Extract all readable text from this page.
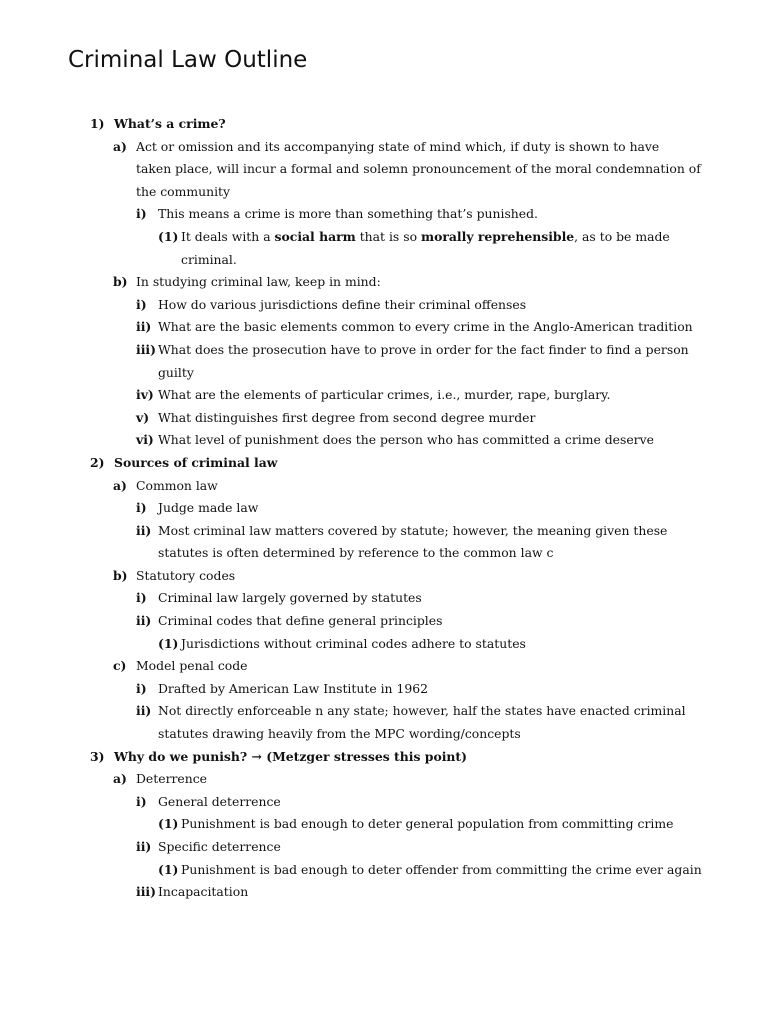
Criminal Law Outline
1) What’s a crime?

a) Act or omission and its accompanying state of mind which, if duty is shown to have

taken place, will incur a formal and solemn pronouncement of the moral condemnation of

the community

i) This means a crime is more than something that’s punished.

(1) It deals with a social harm that is so morally reprehensible, as to be made

criminal.

b) In studying criminal law, keep in mind:

i) How do various jurisdictions define their criminal offenses

ii) What are the basic elements common to every crime in the Anglo-American tradition

iii) What does the prosecution have to prove in order for the fact finder to find a person

guilty

iv) What are the elements of particular crimes, i.e., murder, rape, burglary.

v) What distinguishes first degree from second degree murder

vi) What level of punishment does the person who has committed a crime deserve

2) Sources of criminal law

a) Common law

i) Judge made law

ii) Most criminal law matters covered by statute; however, the meaning given these

statutes is often determined by reference to the common law c

b) Statutory codes

i) Criminal law largely governed by statutes

ii) Criminal codes that define general principles

(1) Jurisdictions without criminal codes adhere to statutes

c) Model penal code

i) Drafted by American Law Institute in 1962

ii) Not directly enforceable n any state; however, half the states have enacted criminal

statutes drawing heavily from the MPC wording/concepts

3) Why do we punish? → (Metzger stresses this point)

a) Deterrence

i) General deterrence

(1) Punishment is bad enough to deter general population from committing crime

ii) Specific deterrence

(1) Punishment is bad enough to deter offender from committing the crime ever again

iii) Incapacitation
